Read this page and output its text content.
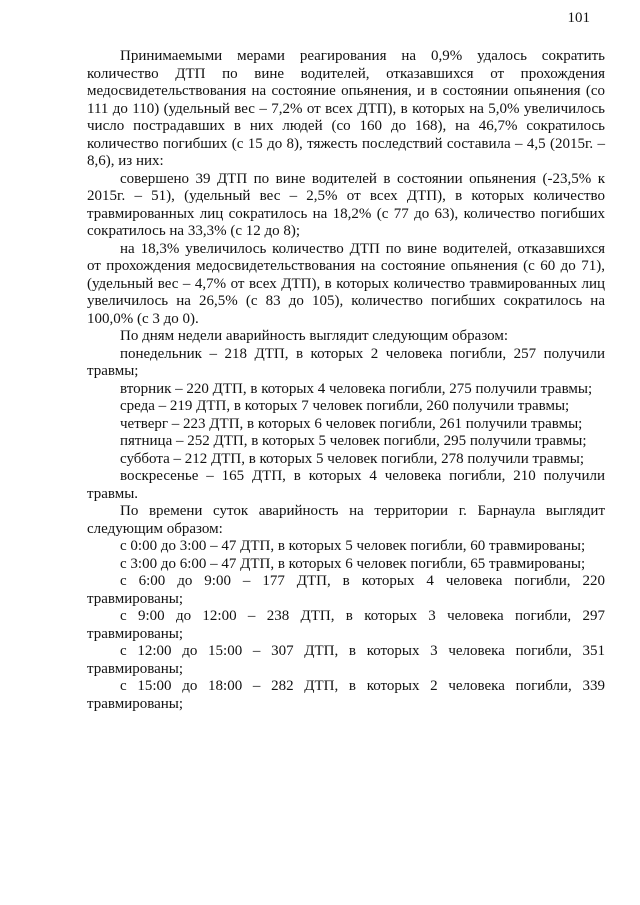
101

Принимаемыми мерами реагирования на 0,9% удалось сократить количество ДТП по вине водителей, отказавшихся от прохождения медосвидетельствования на состояние опьянения, и в состоянии опьянения (со 111 до 110) (удельный вес – 7,2% от всех ДТП), в которых на 5,0% увеличилось число пострадавших в них людей (со 160 до 168), на 46,7% сократилось количество погибших (с 15 до 8), тяжесть последствий составила – 4,5 (2015г. – 8,6), из них:

совершено 39 ДТП по вине водителей в состоянии опьянения (-23,5% к 2015г. – 51), (удельный вес – 2,5% от всех ДТП), в которых количество травмированных лиц сократилось на 18,2% (с 77 до 63), количество погибших сократилось на 33,3% (с 12 до 8);

на 18,3% увеличилось количество ДТП по вине водителей, отказавшихся от прохождения медосвидетельствования на состояние опьянения (с 60 до 71), (удельный вес – 4,7% от всех ДТП), в которых количество травмированных лиц увеличилось на 26,5% (с 83 до 105), количество погибших сократилось на 100,0% (с 3 до 0).

По дням недели аварийность выглядит следующим образом:

понедельник – 218 ДТП, в которых 2 человека погибли, 257 получили травмы;

вторник – 220 ДТП, в которых 4 человека погибли, 275 получили травмы;

среда – 219 ДТП, в которых 7 человек погибли, 260 получили травмы;

четверг – 223 ДТП, в которых 6 человек погибли, 261 получили травмы;

пятница – 252 ДТП, в которых 5 человек погибли, 295 получили травмы;

суббота – 212 ДТП, в которых 5 человек погибли, 278 получили травмы;

воскресенье – 165 ДТП, в которых 4 человека погибли, 210 получили травмы.

По времени суток аварийность на территории г. Барнаула выглядит следующим образом:

с 0:00 до 3:00 – 47 ДТП, в которых 5 человек погибли, 60 травмированы;

с 3:00 до 6:00 – 47 ДТП, в которых 6 человек погибли, 65 травмированы;

с 6:00 до 9:00 – 177 ДТП, в которых 4 человека погибли, 220 травмированы;

с 9:00 до 12:00 – 238 ДТП, в которых 3 человека погибли, 297 травмированы;

с 12:00 до 15:00 – 307 ДТП, в которых 3 человека погибли, 351 травмированы;

с 15:00 до 18:00 – 282 ДТП, в которых 2 человека погибли, 339 травмированы;
